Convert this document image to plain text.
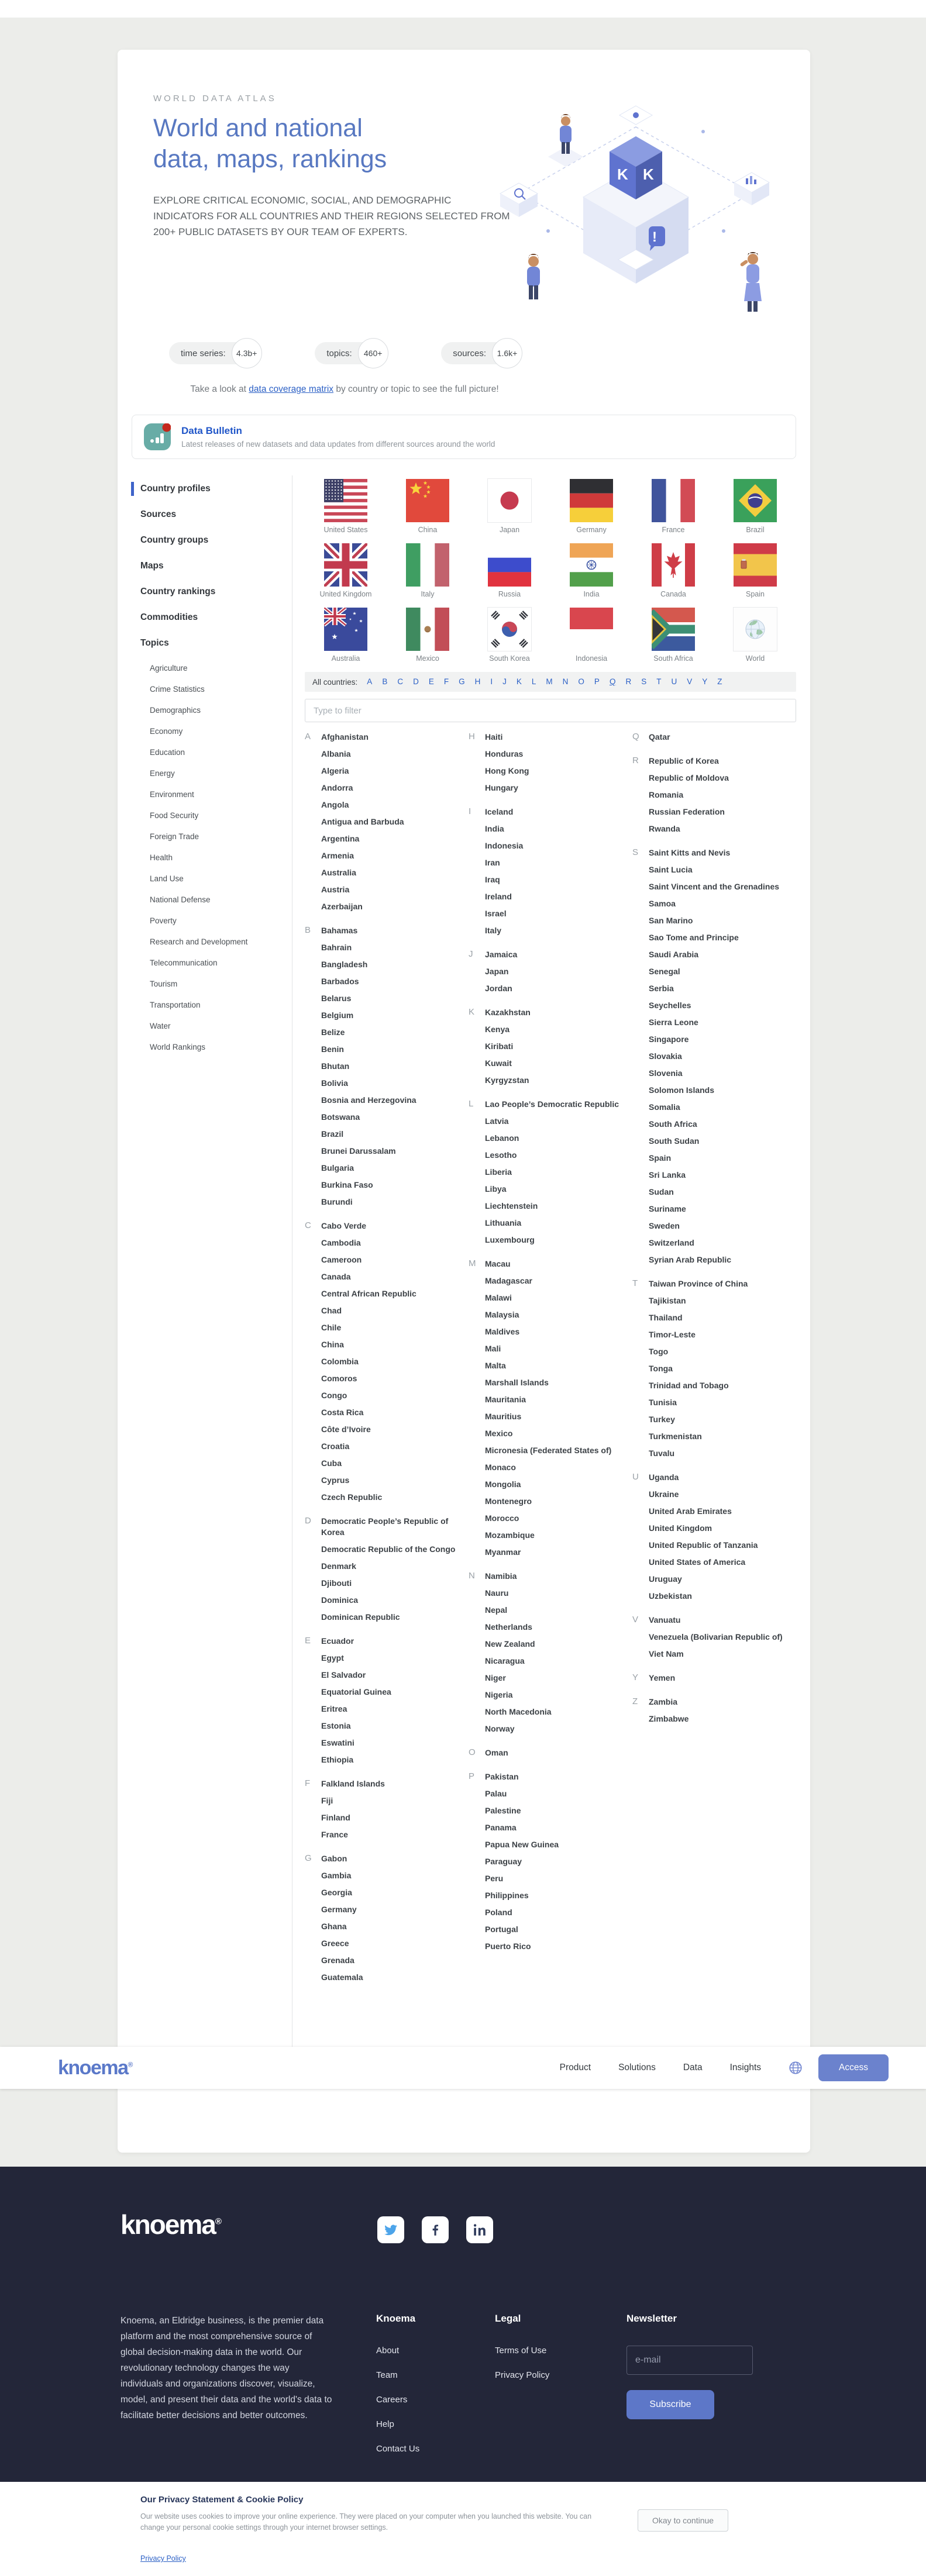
WORLD DATA ATLAS
World and national
data, maps, rankings
EXPLORE CRITICAL ECONOMIC, SOCIAL, AND DEMOGRAPHIC INDICATORS FOR ALL COUNTRIES AND THEIR REGIONS SELECTED FROM 200+ PUBLIC DATASETS BY OUR TEAM OF EXPERTS.
K K
!
time series:	4.3b+	topics:	460+	sources:	1.6k+
Take a look at data coverage matrix by country or topic to see the full picture!
Data Bulletin
Latest releases of new datasets and data updates from different sources around the world
Country profiles
Sources
Country groups
Maps
Country rankings
Commodities
Topics
Agriculture
Crime Statistics
Demographics
Economy
Education
Energy
Environment
Food Security
Foreign Trade
Health
Land Use
National Defense
Poverty
Research and Development
Telecommunication
Tourism
Transportation
Water
World Rankings
United States	China	Japan	Germany	France	Brazil
United Kingdom	Italy	Russia	India	Canada	Spain
Australia	Mexico	South Korea	Indonesia	South Africa	World
All countries: A B C D E F G H I J K L M N O P Q R S T U V Y Z
Type to filter
A	Afghanistan
Albania
Algeria
Andorra
Angola
Antigua and Barbuda
Argentina
Armenia
Australia
Austria
Azerbaijan
B	Bahamas
Bahrain
Bangladesh
Barbados
Belarus
Belgium
Belize
Benin
Bhutan
Bolivia
Bosnia and Herzegovina
Botswana
Brazil
Brunei Darussalam
Bulgaria
Burkina Faso
Burundi
C	Cabo Verde
Cambodia
Cameroon
Canada
Central African Republic
Chad
Chile
China
Colombia
Comoros
Congo
Costa Rica
Côte d’Ivoire
Croatia
Cuba
Cyprus
Czech Republic
D	Democratic People’s Republic of Korea
Democratic Republic of the Congo
Denmark
Djibouti
Dominica
Dominican Republic
E	Ecuador
Egypt
El Salvador
Equatorial Guinea
Eritrea
Estonia
Eswatini
Ethiopia
F	Falkland Islands
Fiji
Finland
France
G	Gabon
Gambia
Georgia
Germany
Ghana
Greece
Grenada
Guatemala
H	Haiti
Honduras
Hong Kong
Hungary
I	Iceland
India
Indonesia
Iran
Iraq
Ireland
Israel
Italy
J	Jamaica
Japan
Jordan
K	Kazakhstan
Kenya
Kiribati
Kuwait
Kyrgyzstan
L	Lao People’s Democratic Republic
Latvia
Lebanon
Lesotho
Liberia
Libya
Liechtenstein
Lithuania
Luxembourg
M	Macau
Madagascar
Malawi
Malaysia
Maldives
Mali
Malta
Marshall Islands
Mauritania
Mauritius
Mexico
Micronesia (Federated States of)
Monaco
Mongolia
Montenegro
Morocco
Mozambique
Myanmar
N	Namibia
Nauru
Nepal
Netherlands
New Zealand
Nicaragua
Niger
Nigeria
North Macedonia
Norway
O	Oman
P	Pakistan
Palau
Palestine
Panama
Papua New Guinea
Paraguay
Peru
Philippines
Poland
Portugal
Puerto Rico
Q	Qatar
R	Republic of Korea
Republic of Moldova
Romania
Russian Federation
Rwanda
S	Saint Kitts and Nevis
Saint Lucia
Saint Vincent and the Grenadines
Samoa
San Marino
Sao Tome and Principe
Saudi Arabia
Senegal
Serbia
Seychelles
Sierra Leone
Singapore
Slovakia
Slovenia
Solomon Islands
Somalia
South Africa
South Sudan
Spain
Sri Lanka
Sudan
Suriname
Sweden
Switzerland
Syrian Arab Republic
T	Taiwan Province of China
Tajikistan
Thailand
Timor-Leste
Togo
Tonga
Trinidad and Tobago
Tunisia
Turkey
Turkmenistan
Tuvalu
U	Uganda
Ukraine
United Arab Emirates
United Kingdom
United Republic of Tanzania
United States of America
Uruguay
Uzbekistan
V	Vanuatu
Venezuela (Bolivarian Republic of)
Viet Nam
Y	Yemen
Z	Zambia
Zimbabwe
knoema®	Product	Solutions	Data	Insights	Access
knoema®
Knoema, an Eldridge business, is the premier data platform and the most comprehensive source of global decision-making data in the world. Our revolutionary technology changes the way individuals and organizations discover, visualize, model, and present their data and the world's data to facilitate better decisions and better outcomes.
Knoema
About
Team
Careers
Help
Contact Us
Legal
Terms of Use
Privacy Policy
Newsletter
e-mail
Subscribe
Our Privacy Statement & Cookie Policy
Our website uses cookies to improve your online experience. They were placed on your computer when you launched this website. You can change your personal cookie settings through your internet browser settings.
Okay to continue
Privacy Policy
